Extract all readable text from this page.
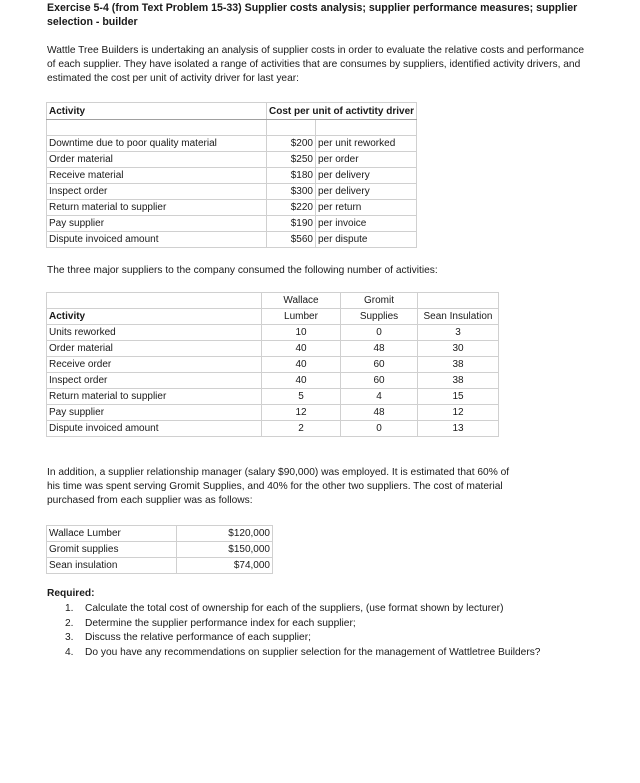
Exercise 5-4 (from Text Problem 15-33) Supplier costs analysis; supplier performance measures; supplier selection - builder
Wattle Tree Builders is undertaking an analysis of supplier costs in order to evaluate the relative costs and performance of each supplier. They have isolated a range of activities that are consumes by suppliers, identified activity drivers, and estimated the cost per unit of activity driver for last year:
Activity	Cost per unit of activtity driver	

Downtime due to poor quality material	$200	per unit reworked
Order material	$250	per order
Receive material	$180	per delivery
Inspect order	$300	per delivery
Return material to supplier	$220	per return
Pay supplier	$190	per invoice
Dispute invoiced amount	$560	per dispute
The three major suppliers to the company consumed the following number of activities:
	Wallace	Gromit	
Activity	Lumber	Supplies	Sean Insulation
Units reworked	10	0	3
Order material	40	48	30
Receive order	40	60	38
Inspect order	40	60	38
Return material to supplier	5	4	15
Pay supplier	12	48	12
Dispute invoiced amount	2	0	13
In addition, a supplier relationship manager (salary $90,000) was employed. It is estimated that 60% of his time was spent serving Gromit Supplies, and 40% for the other two suppliers. The cost of material purchased from each supplier was as follows:
Wallace Lumber	$120,000
Gromit supplies	$150,000
Sean insulation	$74,000
Required:
1. Calculate the total cost of ownership for each of the suppliers, (use format shown by lecturer)
2. Determine the supplier performance index for each supplier;
3. Discuss the relative performance of each supplier;
4. Do you have any recommendations on supplier selection for the management of Wattletree Builders?
